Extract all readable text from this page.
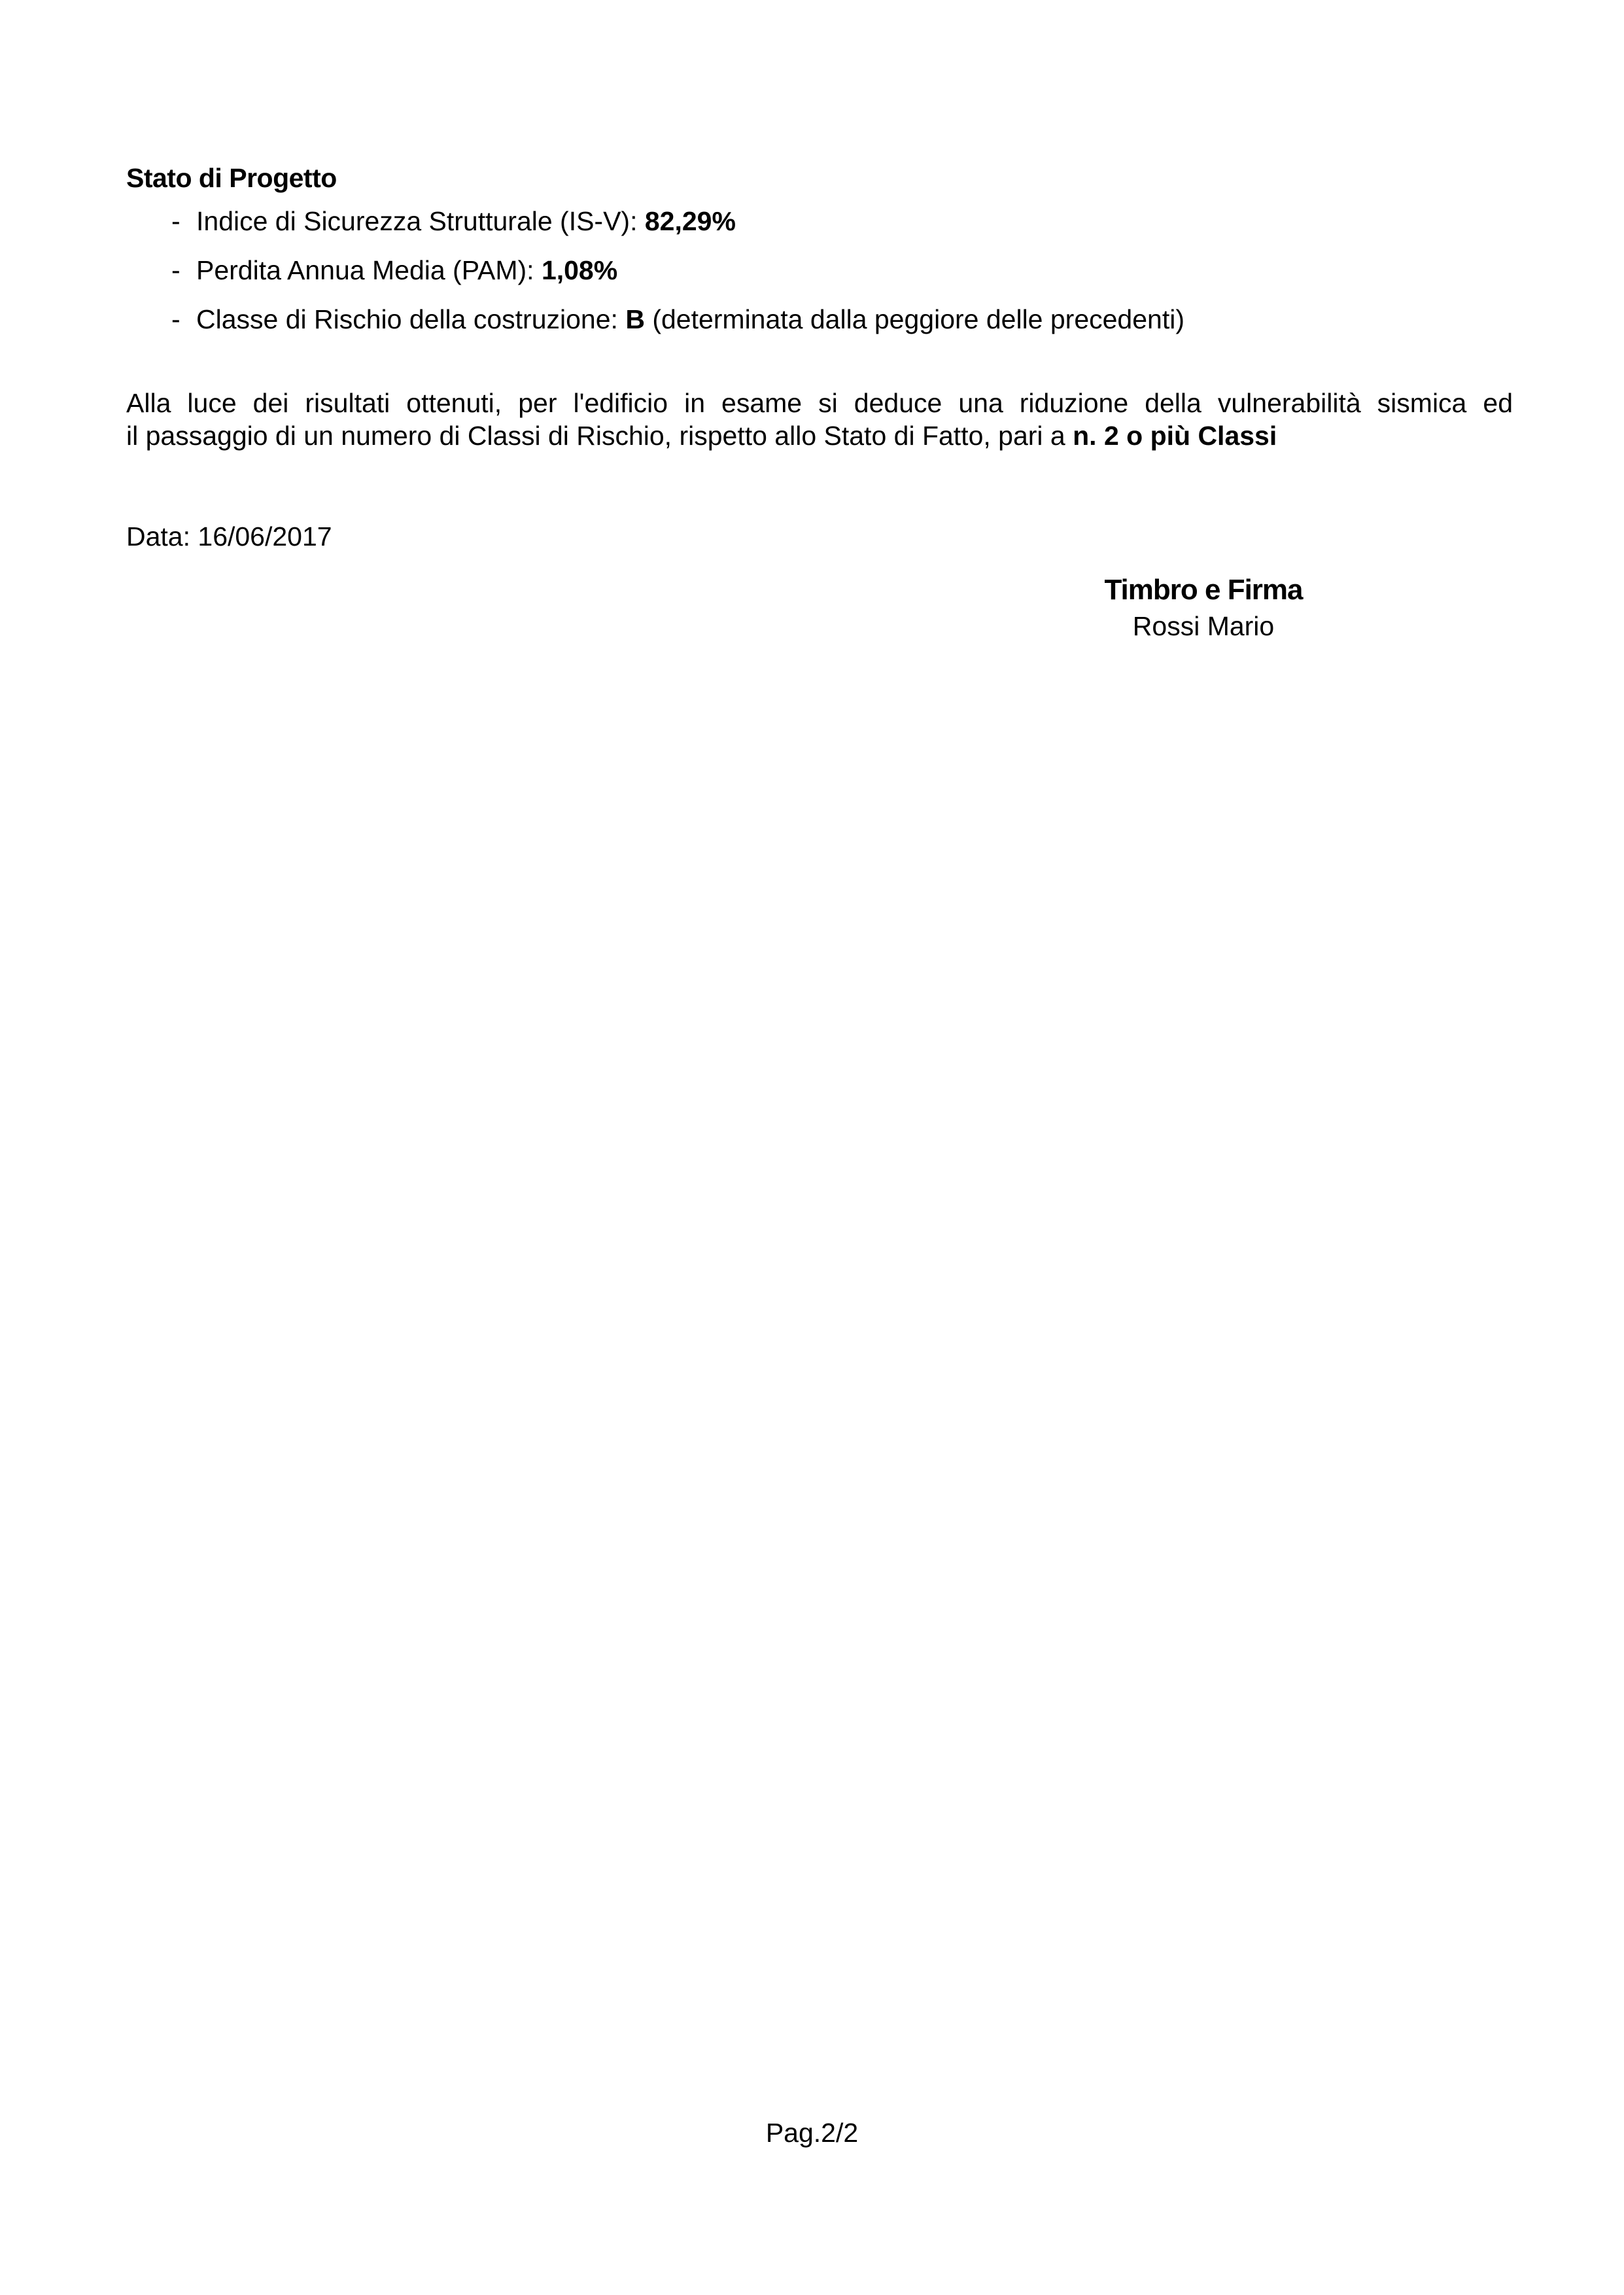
Stato di Progetto
- Indice di Sicurezza Strutturale (IS-V): 82,29%
- Perdita Annua Media (PAM): 1,08%
- Classe di Rischio della costruzione: B (determinata dalla peggiore delle precedenti)
Alla luce dei risultati ottenuti, per l'edificio in esame si deduce una riduzione della vulnerabilità sismica ed
il passaggio di un numero di Classi di Rischio, rispetto allo Stato di Fatto, pari a n. 2 o più Classi
Data: 16/06/2017
Timbro e Firma
Rossi Mario
Pag.2/2
